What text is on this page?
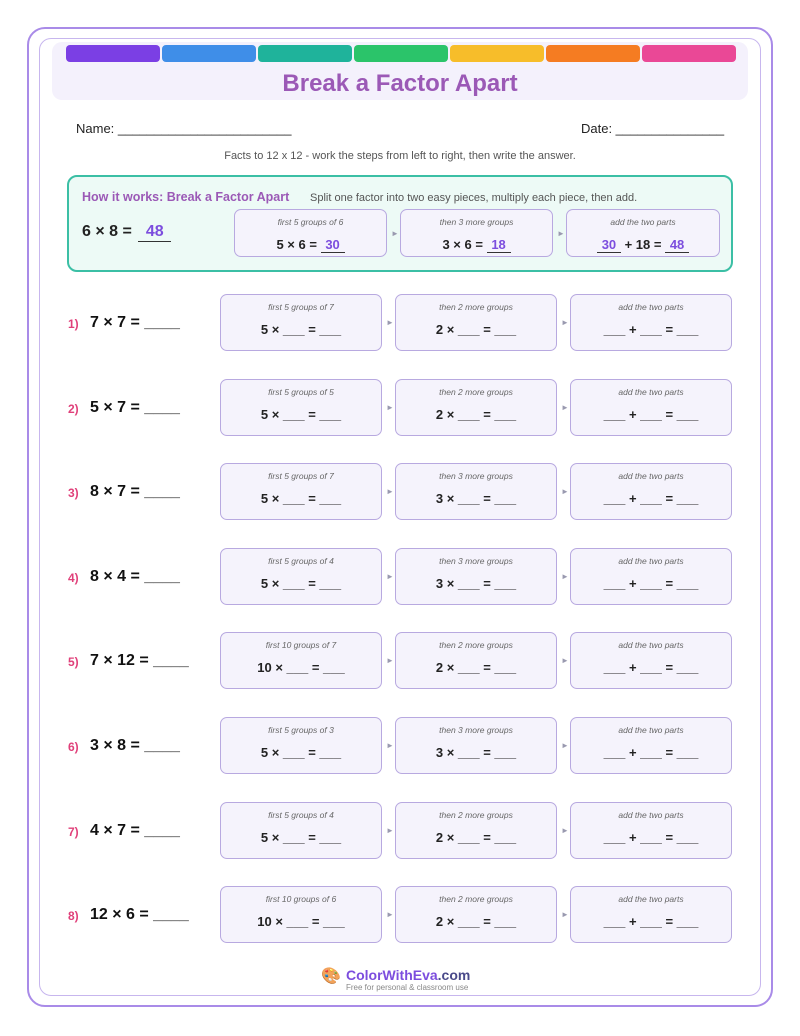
Break a Factor Apart
Name: ________________________	Date: _______________
Facts to 12 x 12 - work the steps from left to right, then write the answer.
How it works: Break a Factor Apart Split one factor into two easy pieces, multiply each piece, then add.
6 × 8 = 48
first 5 groups of 6
5 × 6 = 30
►
then 3 more groups
3 × 6 = 18
►
add the two parts
30 + 18 = 48
1) 7 × 7 = ____
first 5 groups of 7
5 × ___ = ___	►
then 2 more groups
2 × ___ = ___	►
add the two parts
___ + ___ = ___
2) 5 × 7 = ____
first 5 groups of 5
5 × ___ = ___	►
then 2 more groups
2 × ___ = ___	►
add the two parts
___ + ___ = ___
3) 8 × 7 = ____
first 5 groups of 7
5 × ___ = ___	►
then 3 more groups
3 × ___ = ___	►
add the two parts
___ + ___ = ___
4) 8 × 4 = ____
first 5 groups of 4
5 × ___ = ___	►
then 3 more groups
3 × ___ = ___	►
add the two parts
___ + ___ = ___
5) 7 × 12 = ____
first 10 groups of 7
10 × ___ = ___	►
then 2 more groups
2 × ___ = ___	►
add the two parts
___ + ___ = ___
6) 3 × 8 = ____
first 5 groups of 3
5 × ___ = ___	►
then 3 more groups
3 × ___ = ___	►
add the two parts
___ + ___ = ___
7) 4 × 7 = ____
first 5 groups of 4
5 × ___ = ___	►
then 2 more groups
2 × ___ = ___	►
add the two parts
___ + ___ = ___
8) 12 × 6 = ____
first 10 groups of 6
10 × ___ = ___	►
then 2 more groups
2 × ___ = ___	►
add the two parts
___ + ___ = ___
🎨 ColorWithEva.com
Free for personal & classroom use
